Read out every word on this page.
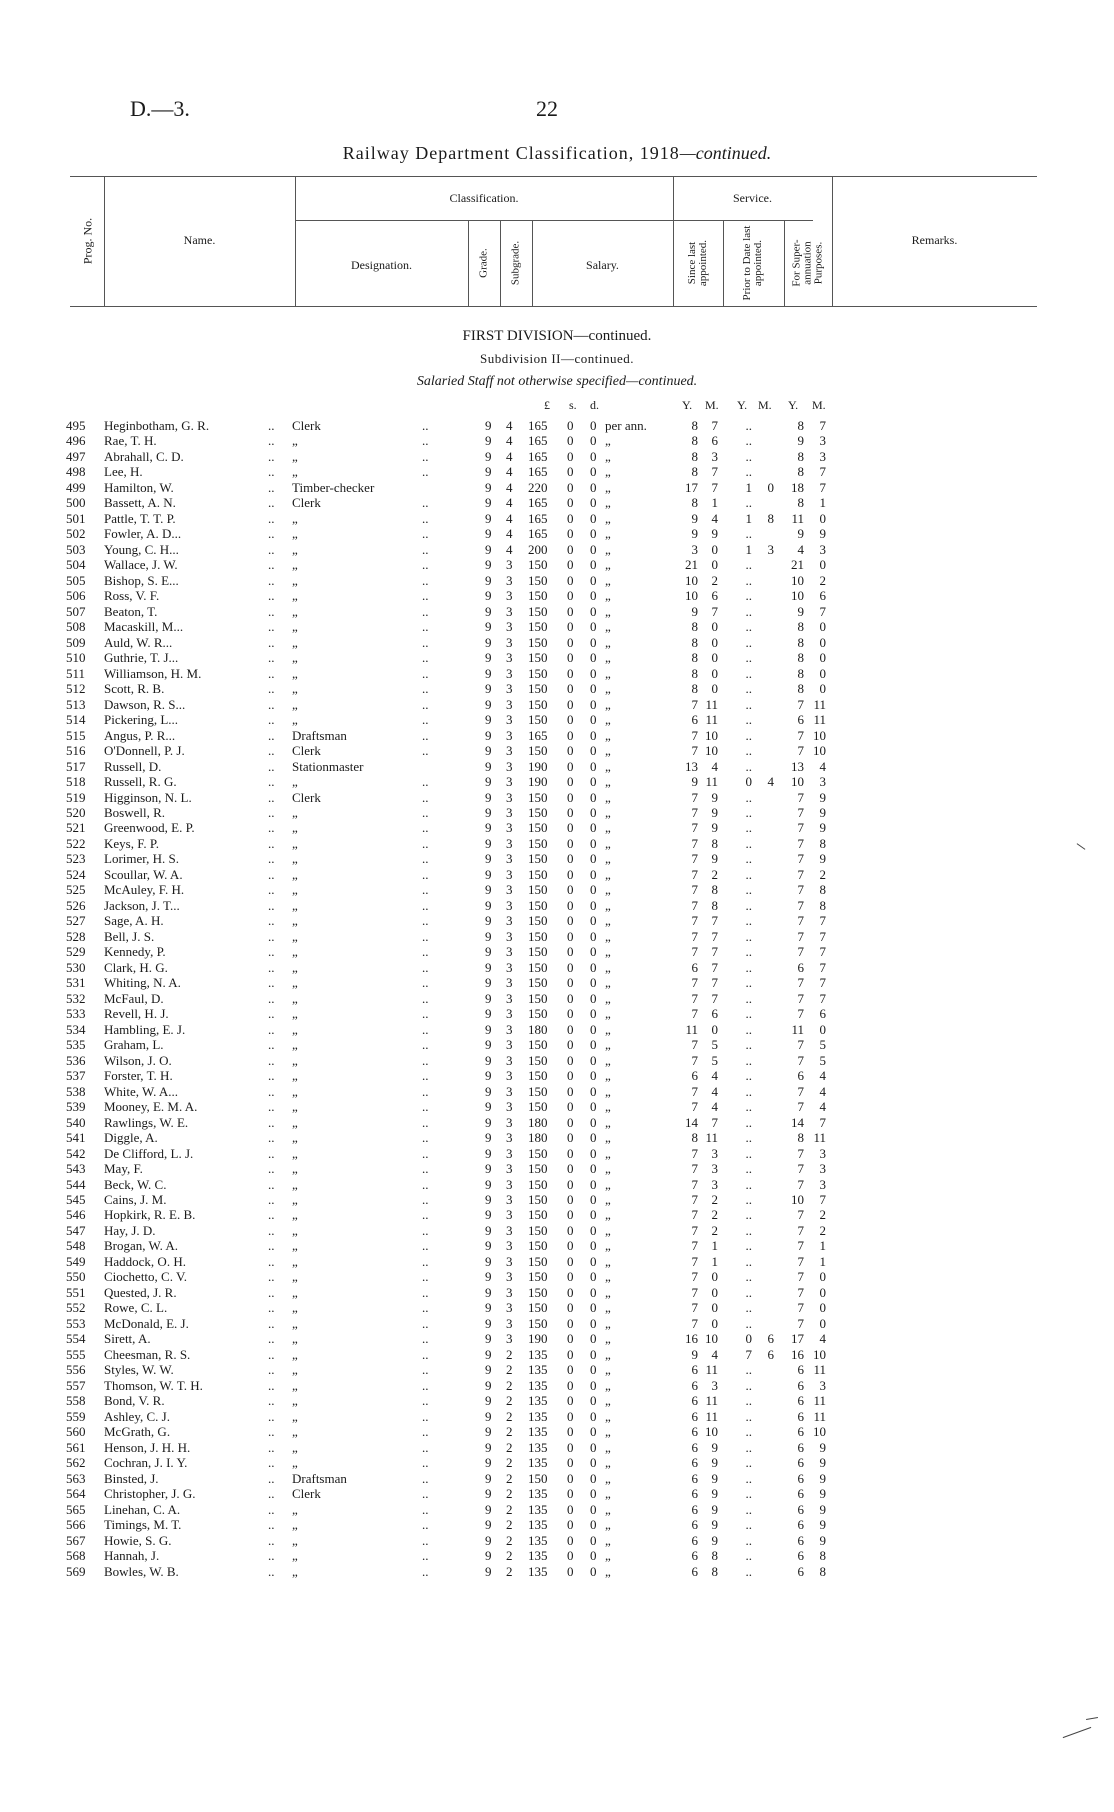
D.—3.	22
Railway Department Classification, 1918—continued.
Prog. No.	Name.
Classification.	Service.
Designation.	Grade. Subgrade.	Salary.	Since last appointed.	Prior to Date last appointed. For Super-annuation Purposes.
Remarks.
FIRST DIVISION—continued.
Subdivision II—continued.
Salaried Staff not otherwise specified—continued.
£ s. d.	Y. M. Y. M. Y. M.
495 Heginbotham, G. R.	.. Clerk	..	9 4 165 0 0 per ann.	8	7	..	8	7
496 Rae, T. H.	.. „	..	9 4 165 0 0 „	8	6	..	9	3
497 Abrahall, C. D.	.. „	..	9 4 165 0 0 „	8	3	..	8	3
498 Lee, H.	.. „	..	9 4 165 0 0 „	8	7	..	8	7
499 Hamilton, W.	.. Timber-checker	9 4 220 0 0 „	17	7	1	0	18	7
500 Bassett, A. N.	.. Clerk	..	9 4 165 0 0 „	8	1	..	8	1
501 Pattle, T. T. P.	.. „	..	9 4 165 0 0 „	9	4	1	8	11	0
502 Fowler, A. D...	.. „	..	9 4 165 0 0 „	9	9	..	9	9
503 Young, C. H...	.. „	..	9 4 200 0 0 „	3	0	1	3	4	3
504 Wallace, J. W.	.. „	..	9 3 150 0 0 „	21	0	..	21	0
505 Bishop, S. E...	.. „	..	9 3 150 0 0 „	10	2	..	10	2
506 Ross, V. F.	.. „	..	9 3 150 0 0 „	10	6	..	10	6
507 Beaton, T.	.. „	..	9 3 150 0 0 „	9	7	..	9	7
508 Macaskill, M...	.. „	..	9 3 150 0 0 „	8	0	..	8	0
509 Auld, W. R...	.. „	..	9 3 150 0 0 „	8	0	..	8	0
510 Guthrie, T. J...	.. „	..	9 3 150 0 0 „	8	0	..	8	0
511 Williamson, H. M.	.. „	..	9 3 150 0 0 „	8	0	..	8	0
512 Scott, R. B.	.. „	..	9 3 150 0 0 „	8	0	..	8	0
513 Dawson, R. S...	.. „	..	9 3 150 0 0 „	7 11	..	7 11
514 Pickering, L...	.. „	..	9 3 150 0 0 „	6 11	..	6 11
515 Angus, P. R...	.. Draftsman	..	9 3 165 0 0 „	7 10	..	7 10
516 O'Donnell, P. J.	.. Clerk	..	9 3 150 0 0 „	7 10	..	7 10
517 Russell, D.	.. Stationmaster	9 3 190 0 0 „	13	4	..	13	4
518 Russell, R. G.	.. „	..	9 3 190 0 0 „	9 11	0	4	10	3
519 Higginson, N. L.	.. Clerk	..	9 3 150 0 0 „	7	9	..	7	9
520 Boswell, R.	.. „	..	9 3 150 0 0 „	7	9	..	7	9
521 Greenwood, E. P.	.. „	..	9 3 150 0 0 „	7	9	..	7	9
522 Keys, F. P.	.. „	..	9 3 150 0 0 „	7	8	..	7	8
523 Lorimer, H. S.	.. „	..	9 3 150 0 0 „	7	9	..	7	9
524 Scoullar, W. A.	.. „	..	9 3 150 0 0 „	7	2	..	7	2
525 McAuley, F. H.	.. „	..	9 3 150 0 0 „	7	8	..	7	8
526 Jackson, J. T...	.. „	..	9 3 150 0 0 „	7	8	..	7	8
527 Sage, A. H.	.. „	..	9 3 150 0 0 „	7	7	..	7	7
528 Bell, J. S.	.. „	..	9 3 150 0 0 „	7	7	..	7	7
529 Kennedy, P.	.. „	..	9 3 150 0 0 „	7	7	..	7	7
530 Clark, H. G.	.. „	..	9 3 150 0 0 „	6	7	..	6	7
531 Whiting, N. A.	.. „	..	9 3 150 0 0 „	7	7	..	7	7
532 McFaul, D.	.. „	..	9 3 150 0 0 „	7	7	..	7	7
533 Revell, H. J.	.. „	..	9 3 150 0 0 „	7	6	..	7	6
534 Hambling, E. J.	.. „	..	9 3 180 0 0 „	11	0	..	11	0
535 Graham, L.	.. „	..	9 3 150 0 0 „	7	5	..	7	5
536 Wilson, J. O.	.. „	..	9 3 150 0 0 „	7	5	..	7	5
537 Forster, T. H.	.. „	..	9 3 150 0 0 „	6	4	..	6	4
538 White, W. A...	.. „	..	9 3 150 0 0 „	7	4	..	7	4
539 Mooney, E. M. A.	.. „	..	9 3 150 0 0 „	7	4	..	7	4
540 Rawlings, W. E.	.. „	..	9 3 180 0 0 „	14	7	..	14	7
541 Diggle, A.	.. „	..	9 3 180 0 0 „	8 11	..	8 11
542 De Clifford, L. J.	.. „	..	9 3 150 0 0 „	7	3	..	7	3
543 May, F.	.. „	..	9 3 150 0 0 „	7	3	..	7	3
544 Beck, W. C.	.. „	..	9 3 150 0 0 „	7	3	..	7	3
545 Cains, J. M.	.. „	..	9 3 150 0 0 „	7	2	..	10	7
546 Hopkirk, R. E. B.	.. „	..	9 3 150 0 0 „	7	2	..	7	2
547 Hay, J. D.	.. „	..	9 3 150 0 0 „	7	2	..	7	2
548 Brogan, W. A.	.. „	..	9 3 150 0 0 „	7	1	..	7	1
549 Haddock, O. H.	.. „	..	9 3 150 0 0 „	7	1	..	7	1
550 Ciochetto, C. V.	.. „	..	9 3 150 0 0 „	7	0	..	7	0
551 Quested, J. R.	.. „	..	9 3 150 0 0 „	7	0	..	7	0
552 Rowe, C. L.	.. „	..	9 3 150 0 0 „	7	0	..	7	0
553 McDonald, E. J.	.. „	..	9 3 150 0 0 „	7	0	..	7	0
554 Sirett, A.	.. „	..	9 3 190 0 0 „	16 10	0	6	17	4
555 Cheesman, R. S.	.. „	..	9 2 135 0 0 „	9	4	7	6	16 10
556 Styles, W. W.	.. „	..	9 2 135 0 0 „	6 11	..	6 11
557 Thomson, W. T. H.	.. „	..	9 2 135 0 0 „	6	3	..	6	3
558 Bond, V. R.	.. „	..	9 2 135 0 0 „	6 11	..	6 11
559 Ashley, C. J.	.. „	..	9 2 135 0 0 „	6 11	..	6 11
560 McGrath, G.	.. „	..	9 2 135 0 0 „	6 10	..	6 10
561 Henson, J. H. H.	.. „	..	9 2 135 0 0 „	6	9	..	6	9
562 Cochran, J. I. Y.	.. „	..	9 2 135 0 0 „	6	9	..	6	9
563 Binsted, J.	.. Draftsman	..	9 2 150 0 0 „	6	9	..	6	9
564 Christopher, J. G.	.. Clerk	..	9 2 135 0 0 „	6	9	..	6	9
565 Linehan, C. A.	.. „	..	9 2 135 0 0 „	6	9	..	6	9
566 Timings, M. T.	.. „	..	9 2 135 0 0 „	6	9	..	6	9
567 Howie, S. G.	.. „	..	9 2 135 0 0 „	6	9	..	6	9
568 Hannah, J.	.. „	..	9 2 135 0 0 „	6	8	..	6	8
569 Bowles, W. B.	.. „	..	9 2 135 0 0 „	6	8	..	6	8
